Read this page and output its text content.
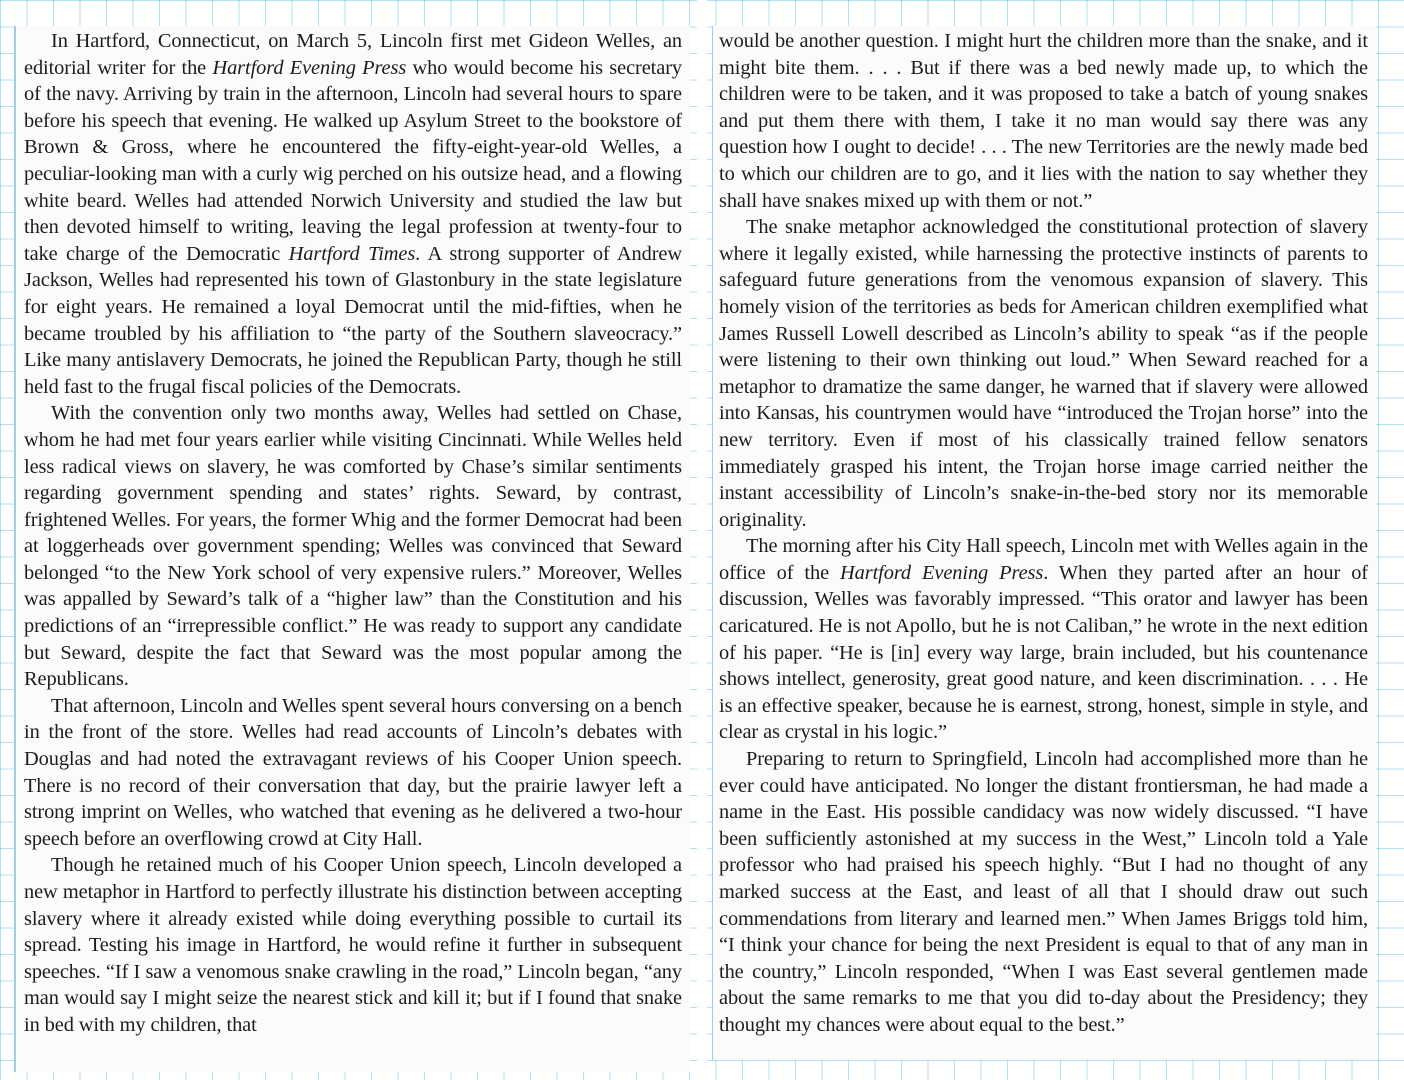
In Hartford, Connecticut, on March 5, Lincoln first met Gideon Welles, an editorial writer for the Hartford Evening Press who would become his secretary of the navy. Arriving by train in the afternoon, Lincoln had several hours to spare before his speech that evening. He walked up Asylum Street to the bookstore of Brown & Gross, where he encountered the fifty-eight-year-old Welles, a peculiar-looking man with a curly wig perched on his outsize head, and a flowing white beard. Welles had attended Norwich University and studied the law but then devoted himself to writing, leaving the legal profession at twenty-four to take charge of the Democratic Hartford Times. A strong supporter of Andrew Jackson, Welles had represented his town of Glastonbury in the state legislature for eight years. He remained a loyal Democrat until the mid-fifties, when he became troubled by his affiliation to “the party of the Southern slaveocracy.” Like many antislavery Democrats, he joined the Republican Party, though he still held fast to the frugal fiscal policies of the Democrats.

With the convention only two months away, Welles had settled on Chase, whom he had met four years earlier while visiting Cincinnati. While Welles held less radical views on slavery, he was comforted by Chase’s similar sentiments regarding government spending and states’ rights. Seward, by contrast, frightened Welles. For years, the former Whig and the former Democrat had been at loggerheads over government spending; Welles was convinced that Seward belonged “to the New York school of very expensive rulers.” Moreover, Welles was appalled by Seward’s talk of a “higher law” than the Constitution and his predictions of an “irrepressible conflict.” He was ready to support any candidate but Seward, despite the fact that Seward was the most popular among the Republicans.

That afternoon, Lincoln and Welles spent several hours conversing on a bench in the front of the store. Welles had read accounts of Lincoln’s debates with Douglas and had noted the extravagant reviews of his Cooper Union speech. There is no record of their conversation that day, but the prairie lawyer left a strong imprint on Welles, who watched that evening as he delivered a two-hour speech before an overflowing crowd at City Hall.

Though he retained much of his Cooper Union speech, Lincoln developed a new metaphor in Hartford to perfectly illustrate his distinction between accepting slavery where it already existed while doing everything possible to curtail its spread. Testing his image in Hartford, he would refine it further in subsequent speeches. “If I saw a venomous snake crawling in the road,” Lincoln began, “any man would say I might seize the nearest stick and kill it; but if I found that snake in bed with my children, that

would be another question. I might hurt the children more than the snake, and it might bite them. . . . But if there was a bed newly made up, to which the children were to be taken, and it was proposed to take a batch of young snakes and put them there with them, I take it no man would say there was any question how I ought to decide! . . . The new Territories are the newly made bed to which our children are to go, and it lies with the nation to say whether they shall have snakes mixed up with them or not.”

The snake metaphor acknowledged the constitutional protection of slavery where it legally existed, while harnessing the protective instincts of parents to safeguard future generations from the venomous expansion of slavery. This homely vision of the territories as beds for American children exemplified what James Russell Lowell described as Lincoln’s ability to speak “as if the people were listening to their own thinking out loud.” When Seward reached for a metaphor to dramatize the same danger, he warned that if slavery were allowed into Kansas, his countrymen would have “introduced the Trojan horse” into the new territory. Even if most of his classically trained fellow senators immediately grasped his intent, the Trojan horse image carried neither the instant accessibility of Lincoln’s snake-in-the-bed story nor its memorable originality.

The morning after his City Hall speech, Lincoln met with Welles again in the office of the Hartford Evening Press. When they parted after an hour of discussion, Welles was favorably impressed. “This orator and lawyer has been caricatured. He is not Apollo, but he is not Caliban,” he wrote in the next edition of his paper. “He is [in] every way large, brain included, but his countenance shows intellect, generosity, great good nature, and keen discrimination. . . . He is an effective speaker, because he is earnest, strong, honest, simple in style, and clear as crystal in his logic.”

Preparing to return to Springfield, Lincoln had accomplished more than he ever could have anticipated. No longer the distant frontiersman, he had made a name in the East. His possible candidacy was now widely discussed. “I have been sufficiently astonished at my success in the West,” Lincoln told a Yale professor who had praised his speech highly. “But I had no thought of any marked success at the East, and least of all that I should draw out such commendations from literary and learned men.” When James Briggs told him, “I think your chance for being the next President is equal to that of any man in the country,” Lincoln responded, “When I was East several gentlemen made about the same remarks to me that you did to-day about the Presidency; they thought my chances were about equal to the best.”
